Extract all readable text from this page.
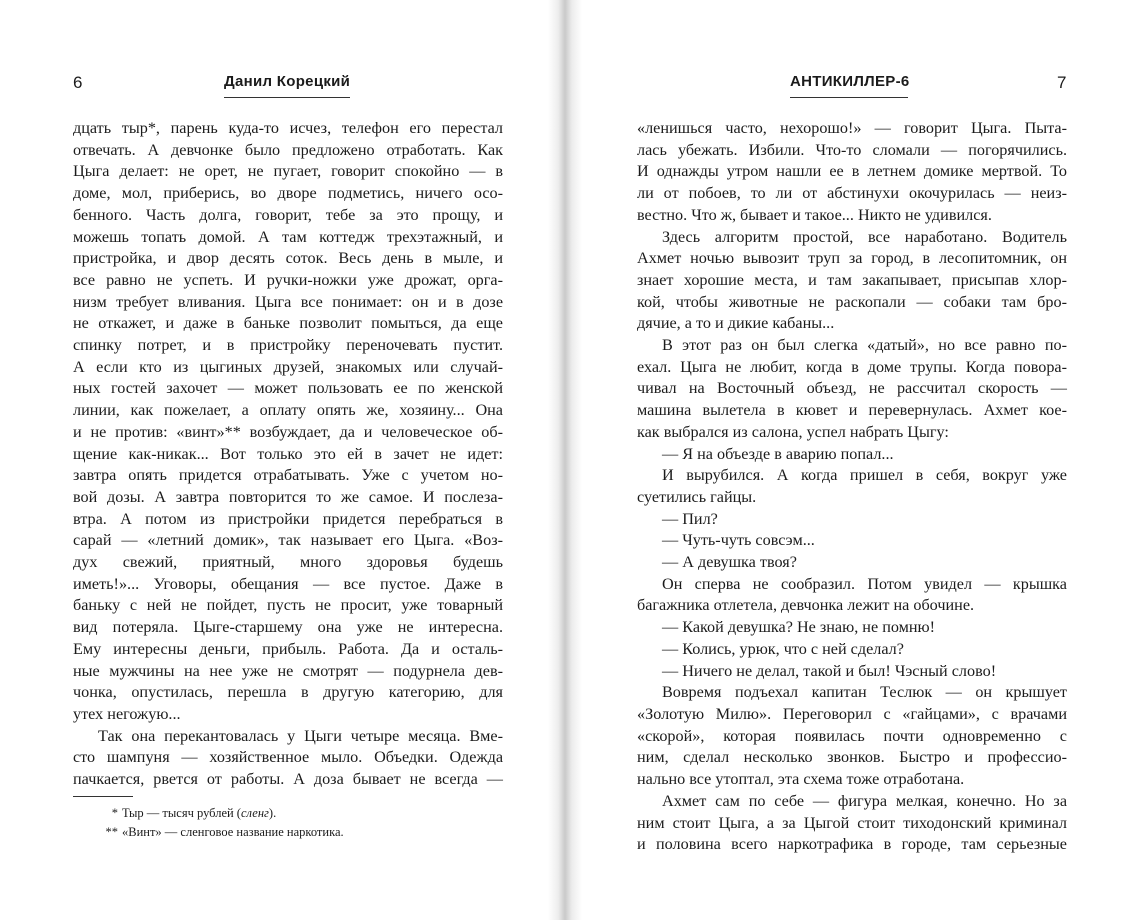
6	Данил Корецкий	АНТИКИЛЛЕР-6	7
дцать тыр*, парень куда-то исчез, телефон его перестал
отвечать. А девчонке было предложено отработать. Как
Цыга делает: не орет, не пугает, говорит спокойно — в
доме, мол, приберись, во дворе подметись, ничего осо-
бенного. Часть долга, говорит, тебе за это прощу, и
можешь топать домой. А там коттедж трехэтажный, и
пристройка, и двор десять соток. Весь день в мыле, и
все равно не успеть. И ручки-ножки уже дрожат, орга-
низм требует вливания. Цыга все понимает: он и в дозе
не откажет, и даже в баньке позволит помыться, да еще
спинку потрет, и в пристройку переночевать пустит.
А если кто из цыгиных друзей, знакомых или случай-
ных гостей захочет — может пользовать ее по женской
линии, как пожелает, а оплату опять же, хозяину... Она
и не против: «винт»** возбуждает, да и человеческое об-
щение как-никак... Вот только это ей в зачет не идет:
завтра опять придется отрабатывать. Уже с учетом но-
вой дозы. А завтра повторится то же самое. И послеза-
втра. А потом из пристройки придется перебраться в
сарай — «летний домик», так называет его Цыга. «Воз-
дух свежий, приятный, много здоровья будешь
иметь!»... Уговоры, обещания — все пустое. Даже в
баньку с ней не пойдет, пусть не просит, уже товарный
вид потеряла. Цыге-старшему она уже не интересна.
Ему интересны деньги, прибыль. Работа. Да и осталь-
ные мужчины на нее уже не смотрят — подурнела дев-
чонка, опустилась, перешла в другую категорию, для
утех негожую...
Так она перекантовалась у Цыги четыре месяца. Вме-
сто шампуня — хозяйственное мыло. Объедки. Одежда
пачкается, рвется от работы. А доза бывает не всегда —
* Тыр — тысяч рублей (сленг).
** «Винт» — сленговое название наркотика.
«ленишься часто, нехорошо!» — говорит Цыга. Пыта-
лась убежать. Избили. Что-то сломали — погорячились.
И однажды утром нашли ее в летнем домике мертвой. То
ли от побоев, то ли от абстинухи окочурилась — неиз-
вестно. Что ж, бывает и такое... Никто не удивился.
Здесь алгоритм простой, все наработано. Водитель
Ахмет ночью вывозит труп за город, в лесопитомник, он
знает хорошие места, и там закапывает, присыпав хлор-
кой, чтобы животные не раскопали — собаки там бро-
дячие, а то и дикие кабаны...
В этот раз он был слегка «датый», но все равно по-
ехал. Цыга не любит, когда в доме трупы. Когда повора-
чивал на Восточный объезд, не рассчитал скорость —
машина вылетела в кювет и перевернулась. Ахмет кое-
как выбрался из салона, успел набрать Цыгу:
— Я на объезде в аварию попал...
И вырубился. А когда пришел в себя, вокруг уже
суетились гайцы.
— Пил?
— Чуть-чуть совсэм...
— А девушка твоя?
Он сперва не сообразил. Потом увидел — крышка
багажника отлетела, девчонка лежит на обочине.
— Какой девушка? Не знаю, не помню!
— Колись, урюк, что с ней сделал?
— Ничего не делал, такой и был! Чэсный слово!
Вовремя подъехал капитан Теслюк — он крышует
«Золотую Милю». Переговорил с «гайцами», с врачами
«скорой», которая появилась почти одновременно с
ним, сделал несколько звонков. Быстро и профессио-
нально все утоптал, эта схема тоже отработана.
Ахмет сам по себе — фигура мелкая, конечно. Но за
ним стоит Цыга, а за Цыгой стоит тиходонский криминал
и половина всего наркотрафика в городе, там серьезные
